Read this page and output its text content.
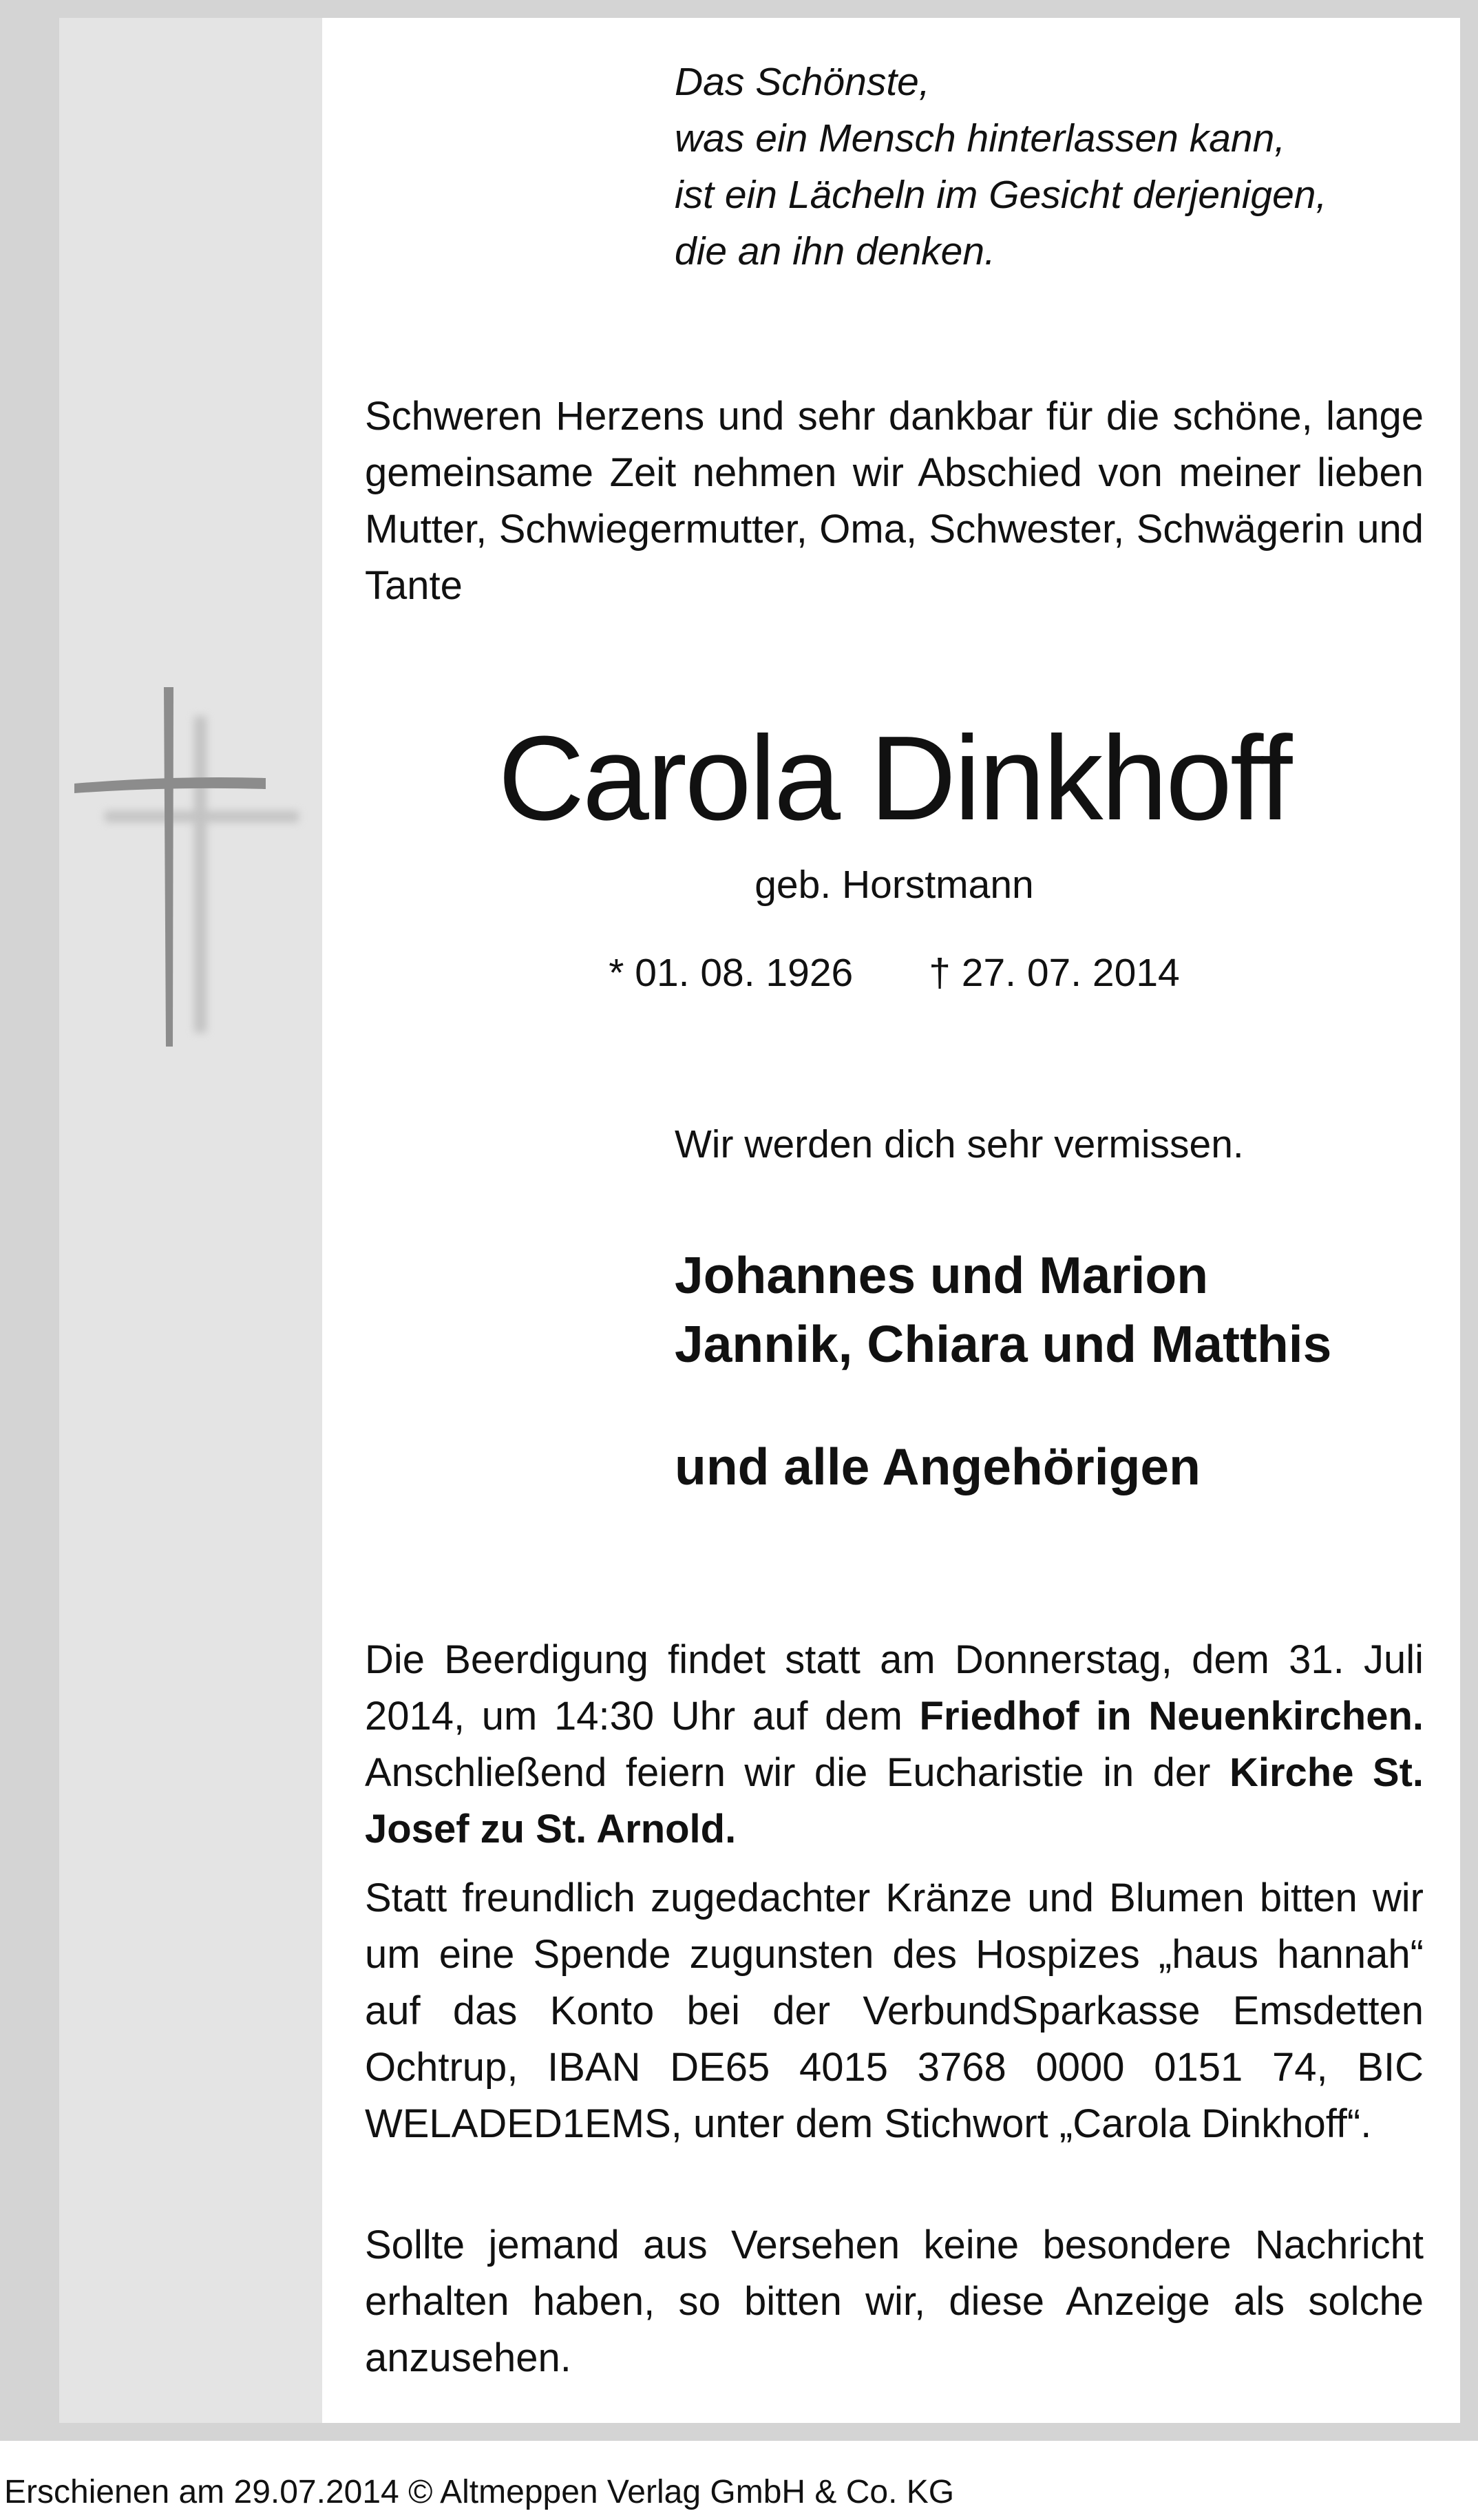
Das Schönste,
was ein Mensch hinterlassen kann,
ist ein Lächeln im Gesicht derjenigen,
die an ihn denken.

Schweren Herzens und sehr dankbar für die schöne, lange gemeinsame Zeit nehmen wir Abschied von meiner lieben Mutter, Schwiegermutter, Oma, Schwester, Schwägerin und Tante

Carola Dinkhoff
geb. Horstmann
* 01. 08. 1926 † 27. 07. 2014
Wir werden dich sehr vermissen.
Johannes und Marion
Jannik, Chiara und Matthis
und alle Angehörigen

Die Beerdigung findet statt am Donnerstag, dem 31. Juli 2014, um 14:30 Uhr auf dem Friedhof in Neuenkirchen. Anschließend feiern wir die Eucharistie in der Kirche St. Josef zu St. Arnold.

Statt freundlich zugedachter Kränze und Blumen bitten wir um eine Spende zugunsten des Hospizes „haus hannah“ auf das Konto bei der VerbundSparkasse Emsdetten Ochtrup, IBAN DE65 4015 3768 0000 0151 74, BIC WELADED1EMS, unter dem Stichwort „Carola Dinkhoff“.

Sollte jemand aus Versehen keine besondere Nachricht erhalten haben, so bitten wir, diese Anzeige als solche anzusehen.

Erschienen am 29.07.2014 © Altmeppen Verlag GmbH & Co. KG
